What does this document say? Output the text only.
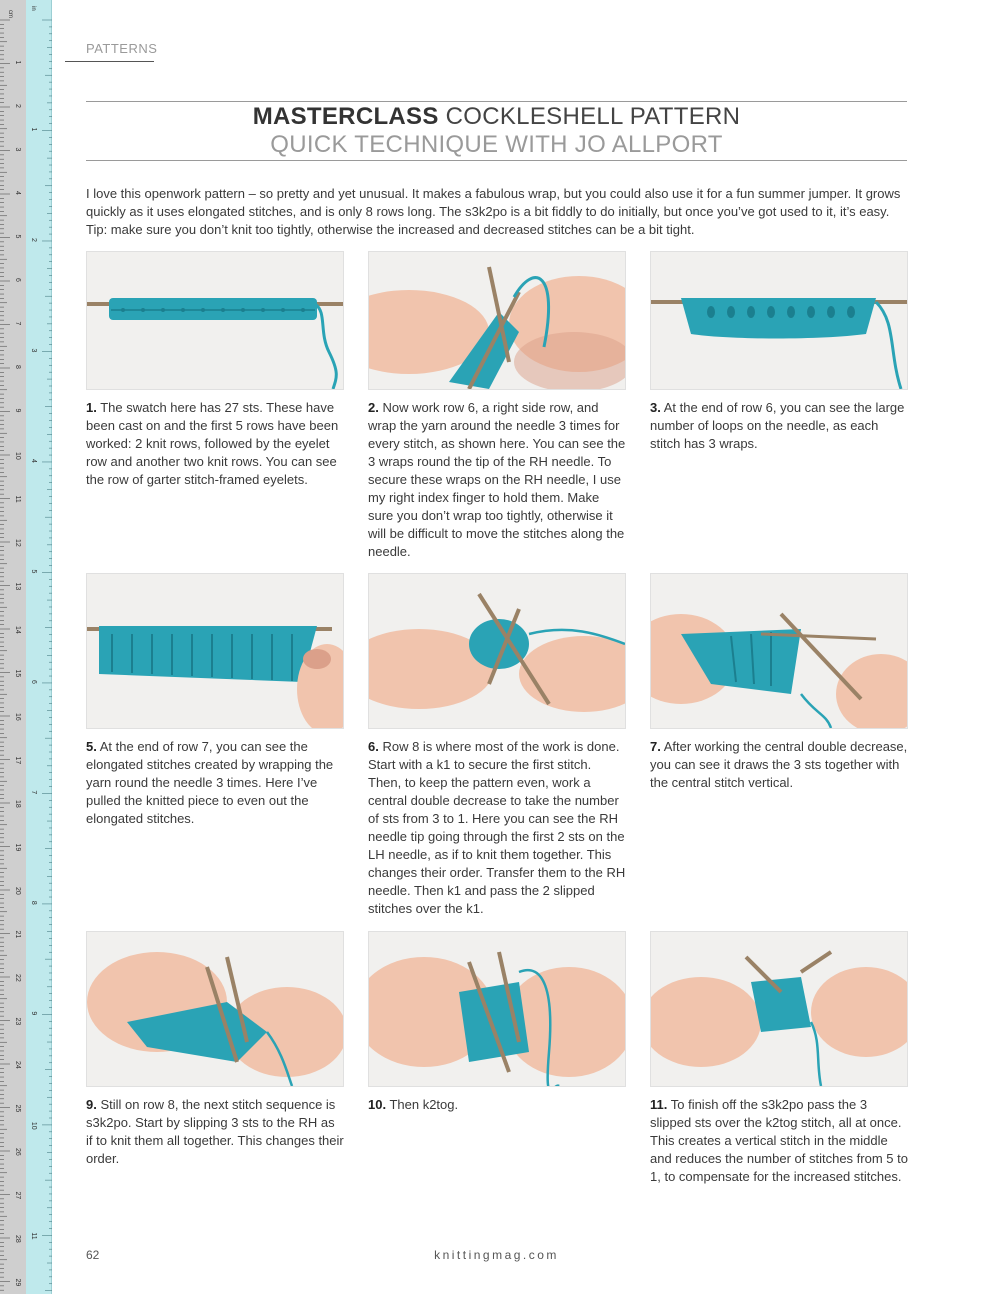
cm
1
2
3
4
5
6
7
8
9
10
11
12
13
14
15
16
17
18
19
20
21
22
23
24
25
26
27
28
29
in
1
2
3
4
5
6
7
8
9
10
11
PATTERNS
MASTERCLASS COCKLESHELL PATTERN
QUICK TECHNIQUE WITH JO ALLPORT
I love this openwork pattern – so pretty and yet unusual. It makes a fabulous wrap, but you could also use it for a fun summer jumper. It grows quickly as it uses elongated stitches, and is only 8 rows long. The s3k2po is a bit fiddly to do initially, but once you’ve got used to it, it’s easy. Tip: make sure you don’t knit too tightly, otherwise the increased and decreased stitches can be a bit tight.
1. The swatch here has 27 sts. These have been cast on and the first 5 rows have been worked: 2 knit rows, followed by the eyelet row and another two knit rows. You can see the row of garter stitch-framed eyelets.
2. Now work row 6, a right side row, and wrap the yarn around the needle 3 times for every stitch, as shown here. You can see the 3 wraps round the tip of the RH needle. To secure these wraps on the RH needle, I use my right index finger to hold them. Make sure you don’t wrap too tightly, otherwise it will be difficult to move the stitches along the needle.
3. At the end of row 6, you can see the large number of loops on the needle, as each stitch has 3 wraps.
5. At the end of row 7, you can see the elongated stitches created by wrapping the yarn round the needle 3 times. Here I’ve pulled the knitted piece to even out the elongated stitches.
6. Row 8 is where most of the work is done. Start with a k1 to secure the first stitch. Then, to keep the pattern even, work a central double decrease to take the number of sts from 3 to 1. Here you can see the RH needle tip going through the first 2 sts on the LH needle, as if to knit them together. This changes their order. Transfer them to the RH needle. Then k1 and pass the 2 slipped stitches over the k1.
7. After working the central double decrease, you can see it draws the 3 sts together with the central stitch vertical.
9. Still on row 8, the next stitch sequence is s3k2po. Start by slipping 3 sts to the RH as if to knit them all together. This changes their order.
10. Then k2tog.	11. To finish off the s3k2po pass the 3 slipped sts over the k2tog stitch, all at once. This creates a vertical stitch in the middle and reduces the number of stitches from 5 to 1, to compensate for the increased stitches.
62	knittingmag.com
